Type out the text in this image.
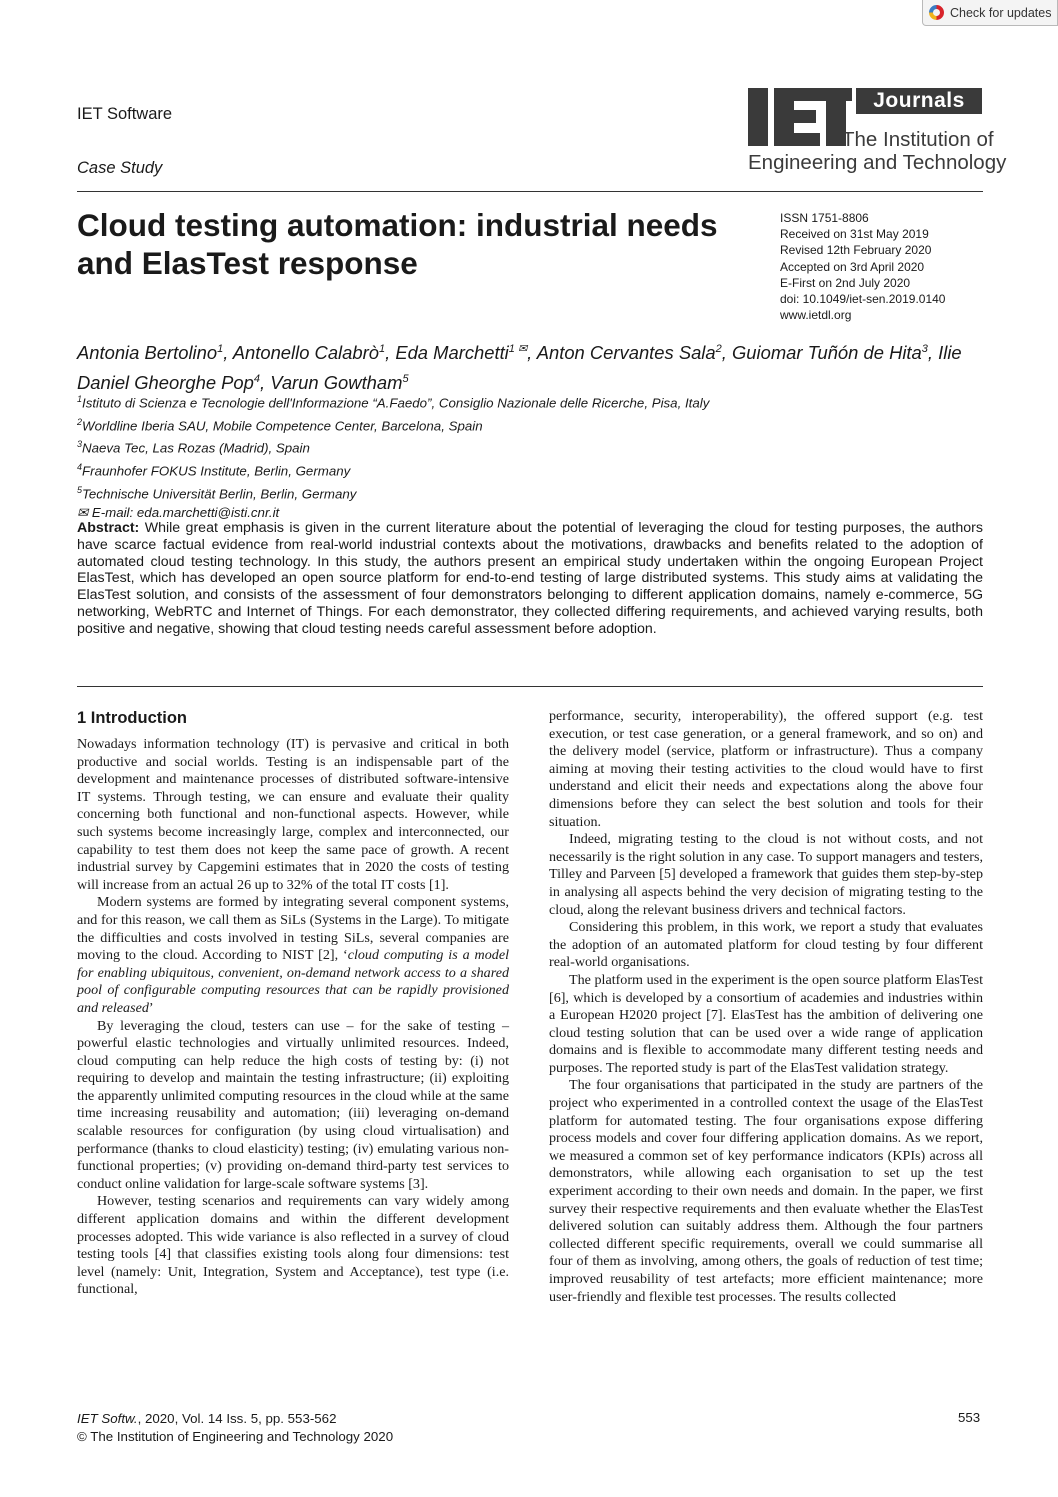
Check for updates
IET Software
Case Study
Journals
The Institution of
Engineering and Technology
Cloud testing automation: industrial needs
and ElasTest response
ISSN 1751-8806
Received on 31st May 2019
Revised 12th February 2020
Accepted on 3rd April 2020
E-First on 2nd July 2020
doi: 10.1049/iet-sen.2019.0140
www.ietdl.org
Antonia Bertolino$^1$, Antonello Calabrò$^1$, Eda Marchetti$^{1 ✉}$, Anton Cervantes Sala$^2$, Guiomar Tuñón de Hita$^3$, Ilie Daniel Gheorghe Pop$^4$, Varun Gowtham$^5$
$^1$Istituto di Scienza e Tecnologie dell'Informazione “A.Faedo”, Consiglio Nazionale delle Ricerche, Pisa, Italy
$^2$Worldline Iberia SAU, Mobile Competence Center, Barcelona, Spain
$^3$Naeva Tec, Las Rozas (Madrid), Spain
$^4$Fraunhofer FOKUS Institute, Berlin, Germany
$^5$Technische Universität Berlin, Berlin, Germany
✉ E-mail: eda.marchetti@isti.cnr.it
Abstract: While great emphasis is given in the current literature about the potential of leveraging the cloud for testing purposes, the authors have scarce factual evidence from real-world industrial contexts about the motivations, drawbacks and benefits related to the adoption of automated cloud testing technology. In this study, the authors present an empirical study undertaken within the ongoing European Project ElasTest, which has developed an open source platform for end-to-end testing of large distributed systems. This study aims at validating the ElasTest solution, and consists of the assessment of four demonstrators belonging to different application domains, namely e-commerce, 5G networking, WebRTC and Internet of Things. For each demonstrator, they collected differing requirements, and achieved varying results, both positive and negative, showing that cloud testing needs careful assessment before adoption.
1 Introduction

Nowadays information technology (IT) is pervasive and critical in both productive and social worlds. Testing is an indispensable part of the development and maintenance processes of distributed software-intensive IT systems. Through testing, we can ensure and evaluate their quality concerning both functional and non-functional aspects. However, while such systems become increasingly large, complex and interconnected, our capability to test them does not keep the same pace of growth. A recent industrial survey by Capgemini estimates that in 2020 the costs of testing will increase from an actual 26 up to 32% of the total IT costs [1].

Modern systems are formed by integrating several component systems, and for this reason, we call them as SiLs (Systems in the Large). To mitigate the difficulties and costs involved in testing SiLs, several companies are moving to the cloud. According to NIST [2], ‘cloud computing is a model for enabling ubiquitous, convenient, on-demand network access to a shared pool of configurable computing resources that can be rapidly provisioned and released’

By leveraging the cloud, testers can use – for the sake of testing – powerful elastic technologies and virtually unlimited resources. Indeed, cloud computing can help reduce the high costs of testing by: (i) not requiring to develop and maintain the testing infrastructure; (ii) exploiting the apparently unlimited computing resources in the cloud while at the same time increasing reusability and automation; (iii) leveraging on-demand scalable resources for configuration (by using cloud virtualisation) and performance (thanks to cloud elasticity) testing; (iv) emulating various non-functional properties; (v) providing on-demand third-party test services to conduct online validation for large-scale software systems [3].

However, testing scenarios and requirements can vary widely among different application domains and within the different development processes adopted. This wide variance is also reflected in a survey of cloud testing tools [4] that classifies existing tools along four dimensions: test level (namely: Unit, Integration, System and Acceptance), test type (i.e. functional,

performance, security, interoperability), the offered support (e.g. test execution, or test case generation, or a general framework, and so on) and the delivery model (service, platform or infrastructure). Thus a company aiming at moving their testing activities to the cloud would have to first understand and elicit their needs and expectations along the above four dimensions before they can select the best solution and tools for their situation.

Indeed, migrating testing to the cloud is not without costs, and not necessarily is the right solution in any case. To support managers and testers, Tilley and Parveen [5] developed a framework that guides them step-by-step in analysing all aspects behind the very decision of migrating testing to the cloud, along the relevant business drivers and technical factors.

Considering this problem, in this work, we report a study that evaluates the adoption of an automated platform for cloud testing by four different real-world organisations.

The platform used in the experiment is the open source platform ElasTest [6], which is developed by a consortium of academies and industries within a European H2020 project [7]. ElasTest has the ambition of delivering one cloud testing solution that can be used over a wide range of application domains and is flexible to accommodate many different testing needs and purposes. The reported study is part of the ElasTest validation strategy.

The four organisations that participated in the study are partners of the project who experimented in a controlled context the usage of the ElasTest platform for automated testing. The four organisations expose differing process models and cover four differing application domains. As we report, we measured a common set of key performance indicators (KPIs) across all demonstrators, while allowing each organisation to set up the test experiment according to their own needs and domain. In the paper, we first survey their respective requirements and then evaluate whether the ElasTest delivered solution can suitably address them. Although the four partners collected different specific requirements, overall we could summarise all four of them as involving, among others, the goals of reduction of test time; improved reusability of test artefacts; more efficient maintenance; more user-friendly and flexible test processes. The results collected

IET Softw., 2020, Vol. 14 Iss. 5, pp. 553-562
© The Institution of Engineering and Technology 2020
553
